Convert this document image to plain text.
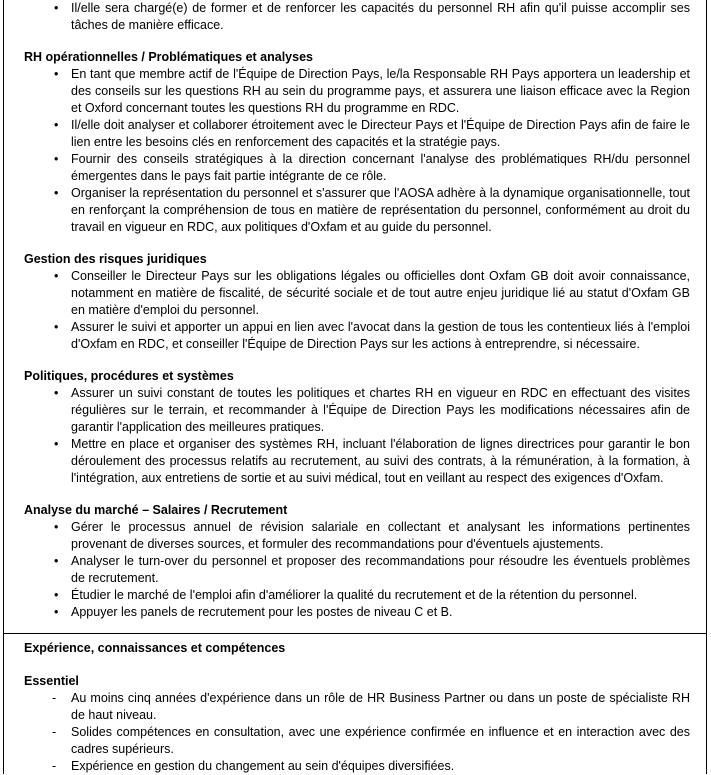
• Il/elle sera chargé(e) de former et de renforcer les capacités du personnel RH afin qu'il puisse accomplir ses tâches de manière efficace.
RH opérationnelles / Problématiques et analyses
• En tant que membre actif de l'Équipe de Direction Pays, le/la Responsable RH Pays apportera un leadership et des conseils sur les questions RH au sein du programme pays, et assurera une liaison efficace avec la Region et Oxford concernant toutes les questions RH du programme en RDC.
• Il/elle doit analyser et collaborer étroitement avec le Directeur Pays et l'Équipe de Direction Pays afin de faire le lien entre les besoins clés en renforcement des capacités et la stratégie pays.
• Fournir des conseils stratégiques à la direction concernant l'analyse des problématiques RH/du personnel émergentes dans le pays fait partie intégrante de ce rôle.
• Organiser la représentation du personnel et s'assurer que l'AOSA adhère à la dynamique organisationnelle, tout en renforçant la compréhension de tous en matière de représentation du personnel, conformément au droit du travail en vigueur en RDC, aux politiques d'Oxfam et au guide du personnel.
Gestion des risques juridiques
• Conseiller le Directeur Pays sur les obligations légales ou officielles dont Oxfam GB doit avoir connaissance, notamment en matière de fiscalité, de sécurité sociale et de tout autre enjeu juridique lié au statut d'Oxfam GB en matière d'emploi du personnel.
• Assurer le suivi et apporter un appui en lien avec l'avocat dans la gestion de tous les contentieux liés à l'emploi d'Oxfam en RDC, et conseiller l'Équipe de Direction Pays sur les actions à entreprendre, si nécessaire.
Politiques, procédures et systèmes
• Assurer un suivi constant de toutes les politiques et chartes RH en vigueur en RDC en effectuant des visites régulières sur le terrain, et recommander à l'Équipe de Direction Pays les modifications nécessaires afin de garantir l'application des meilleures pratiques.
• Mettre en place et organiser des systèmes RH, incluant l'élaboration de lignes directrices pour garantir le bon déroulement des processus relatifs au recrutement, au suivi des contrats, à la rémunération, à la formation, à l'intégration, aux entretiens de sortie et au suivi médical, tout en veillant au respect des exigences d'Oxfam.
Analyse du marché – Salaires / Recrutement
• Gérer le processus annuel de révision salariale en collectant et analysant les informations pertinentes provenant de diverses sources, et formuler des recommandations pour d'éventuels ajustements.
• Analyser le turn-over du personnel et proposer des recommandations pour résoudre les éventuels problèmes de recrutement.
• Étudier le marché de l'emploi afin d'améliorer la qualité du recrutement et de la rétention du personnel.
• Appuyer les panels de recrutement pour les postes de niveau C et B.
Expérience, connaissances et compétences
Essentiel
- Au moins cinq années d'expérience dans un rôle de HR Business Partner ou dans un poste de spécialiste RH de haut niveau.
- Solides compétences en consultation, avec une expérience confirmée en influence et en interaction avec des cadres supérieurs.
- Expérience en gestion du changement au sein d'équipes diversifiées.
